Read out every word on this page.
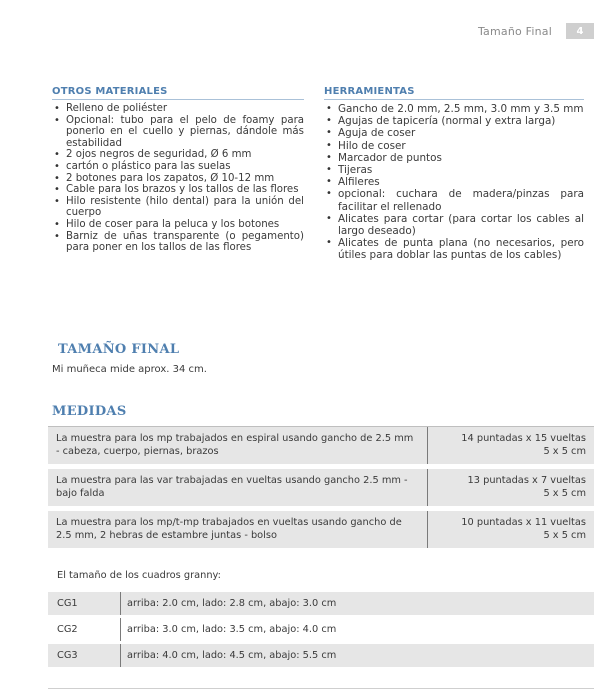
Tamaño Final	4
OTROS MATERIALES
• Relleno de poliéster
• Opcional: tubo para el pelo de foamy para ponerlo en el cuello y piernas, dándole más estabilidad
• 2 ojos negros de seguridad, Ø 6 mm
• cartón o plástico para las suelas
• 2 botones para los zapatos, Ø 10-12 mm
• Cable para los brazos y los tallos de las flores
• Hilo resistente (hilo dental) para la unión del cuerpo
• Hilo de coser para la peluca y los botones
• Barniz de uñas transparente (o pegamento) para poner en los tallos de las flores
HERRAMIENTAS
• Gancho de 2.0 mm, 2.5 mm, 3.0 mm y 3.5 mm
• Agujas de tapicería (normal y extra larga)
• Aguja de coser
• Hilo de coser
• Marcador de puntos
• Tijeras
• Alfileres
• opcional: cuchara de madera/pinzas para facilitar el rellenado
• Alicates para cortar (para cortar los cables al largo deseado)
• Alicates de punta plana (no necesarios, pero útiles para doblar las puntas de los cables)
TAMAÑO FINAL
Mi muñeca mide aprox. 34 cm.
MEDIDAS
La muestra para los mp trabajados en espiral usando gancho de 2.5 mm - cabeza, cuerpo, piernas, brazos
14 puntadas x 15 vueltas
5 x 5 cm
La muestra para las var trabajadas en vueltas usando gancho 2.5 mm - bajo falda
13 puntadas x 7 vueltas
5 x 5 cm
La muestra para los mp/t-mp trabajados en vueltas usando gancho de 2.5 mm, 2 hebras de estambre juntas - bolso
10 puntadas x 11 vueltas
5 x 5 cm
El tamaño de los cuadros granny:
CG1	arriba: 2.0 cm, lado: 2.8 cm, abajo: 3.0 cm
CG2	arriba: 3.0 cm, lado: 3.5 cm, abajo: 4.0 cm
CG3	arriba: 4.0 cm, lado: 4.5 cm, abajo: 5.5 cm
